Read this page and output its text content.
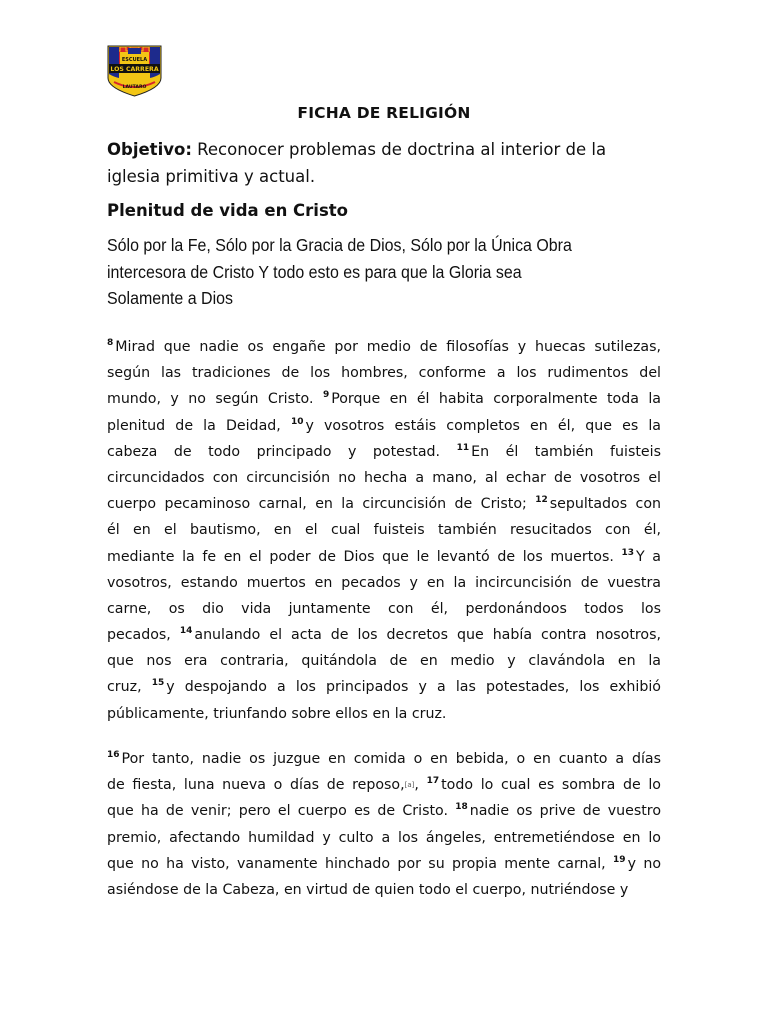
ESCUELA
LOS CARRERA
LAUTARO
FICHA DE RELIGIÓN
Objetivo: Reconocer problemas de doctrina al interior de la
iglesia primitiva y actual.
Plenitud de vida en Cristo
Sólo por la Fe, Sólo por la Gracia de Dios, Sólo por la Única Obra
intercesora de Cristo Y todo esto es para que la Gloria sea
Solamente a Dios
$^8$ Mirad que nadie os engañe por medio de filosofías y huecas sutilezas,
según las tradiciones de los hombres, conforme a los rudimentos del
mundo, y no según Cristo. $^9$ Porque en él habita corporalmente toda la
plenitud de la Deidad, $^{10}$ y vosotros estáis completos en él, que es la
cabeza de todo principado y potestad. $^{11}$ En él también fuisteis
circuncidados con circuncisión no hecha a mano, al echar de vosotros el
cuerpo pecaminoso carnal, en la circuncisión de Cristo; $^{12}$ sepultados con
él en el bautismo, en el cual fuisteis también resucitados con él,
mediante la fe en el poder de Dios que le levantó de los muertos. $^{13}$ Y a
vosotros, estando muertos en pecados y en la incircuncisión de vuestra
carne, os dio vida juntamente con él, perdonándoos todos los
pecados, $^{14}$ anulando el acta de los decretos que había contra nosotros,
que nos era contraria, quitándola de en medio y clavándola en la
cruz, $^{15}$ y despojando a los principados y a las potestades, los exhibió
públicamente, triunfando sobre ellos en la cruz.
$^{16}$ Por tanto, nadie os juzgue en comida o en bebida, o en cuanto a días
de fiesta, luna nueva o días de reposo,[a], $^{17}$ todo lo cual es sombra de lo
que ha de venir; pero el cuerpo es de Cristo. $^{18}$ nadie os prive de vuestro
premio, afectando humildad y culto a los ángeles, entremetiéndose en lo
que no ha visto, vanamente hinchado por su propia mente carnal, $^{19}$ y no
asiéndose de la Cabeza, en virtud de quien todo el cuerpo, nutriéndose y
